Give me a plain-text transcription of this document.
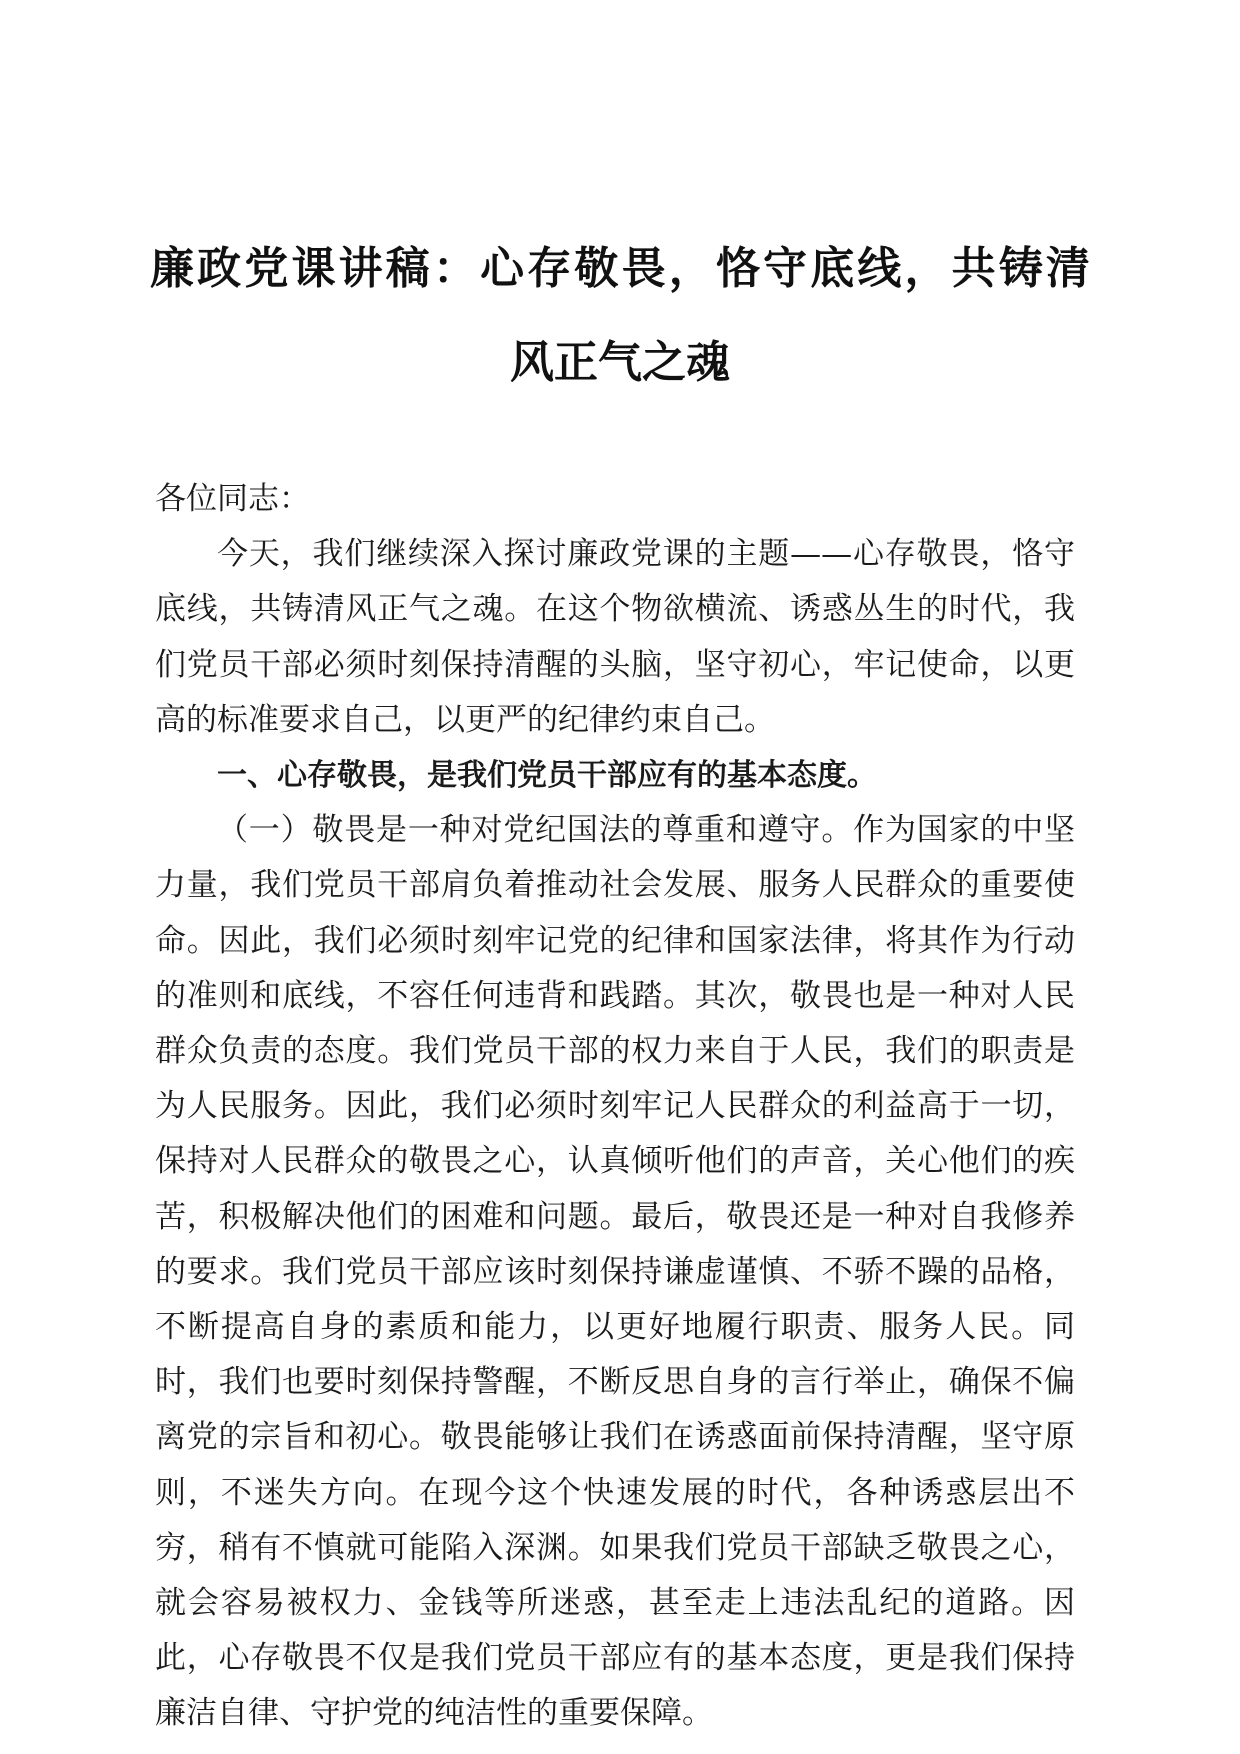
廉政党课讲稿：心存敬畏，恪守底线，共铸清
风正气之魂

各位同志：

今天，我们继续深入探讨廉政党课的主题——心存敬畏，恪守底线，共铸清风正气之魂。在这个物欲横流、诱惑丛生的时代，我们党员干部必须时刻保持清醒的头脑，坚守初心，牢记使命，以更高的标准要求自己，以更严的纪律约束自己。

一、心存敬畏，是我们党员干部应有的基本态度。

（一）敬畏是一种对党纪国法的尊重和遵守。作为国家的中坚力量，我们党员干部肩负着推动社会发展、服务人民群众的重要使命。因此，我们必须时刻牢记党的纪律和国家法律，将其作为行动的准则和底线，不容任何违背和践踏。其次，敬畏也是一种对人民群众负责的态度。我们党员干部的权力来自于人民，我们的职责是为人民服务。因此，我们必须时刻牢记人民群众的利益高于一切，保持对人民群众的敬畏之心，认真倾听他们的声音，关心他们的疾苦，积极解决他们的困难和问题。最后，敬畏还是一种对自我修养的要求。我们党员干部应该时刻保持谦虚谨慎、不骄不躁的品格，不断提高自身的素质和能力，以更好地履行职责、服务人民。同时，我们也要时刻保持警醒，不断反思自身的言行举止，确保不偏离党的宗旨和初心。敬畏能够让我们在诱惑面前保持清醒，坚守原则，不迷失方向。在现今这个快速发展的时代，各种诱惑层出不穷，稍有不慎就可能陷入深渊。如果我们党员干部缺乏敬畏之心，就会容易被权力、金钱等所迷惑，甚至走上违法乱纪的道路。因此，心存敬畏不仅是我们党员干部应有的基本态度，更是我们保持廉洁自律、守护党的纯洁性的重要保障。
